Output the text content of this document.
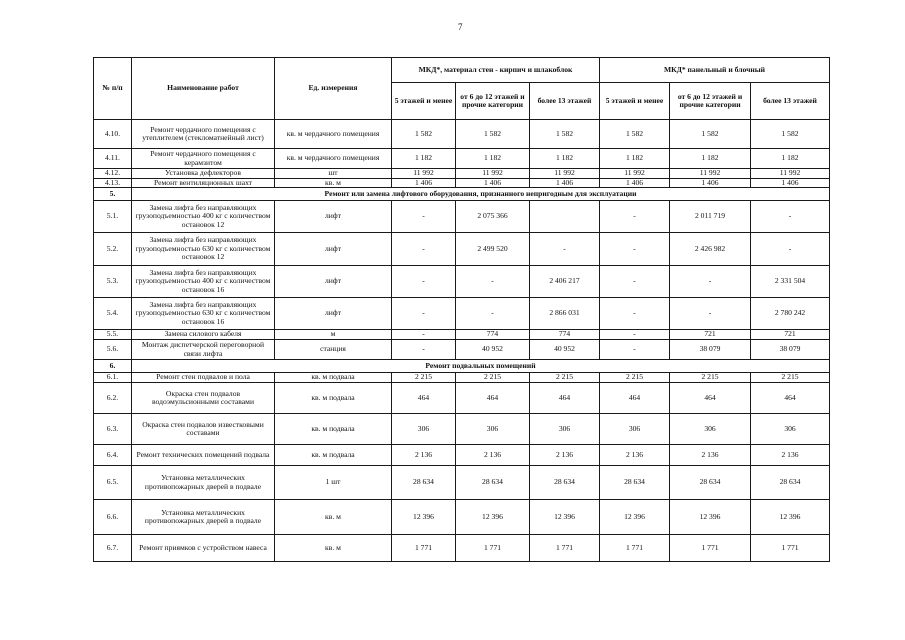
7
№ п/п	Наименование работ	Ед. измерения	МКД*, материал стен - кирпич и шлакоблок			МКД* панельный и блочный		
			5 этажей и менее	от 6 до 12 этажей и прочие категории	более 13 этажей	5 этажей и менее	от 6 до 12 этажей и прочие категории	более 13 этажей
4.10.	Ремонт чердачного помещения с утеплителем (стекломатнейный лист)	кв. м чердачного помещения	1 582	1 582	1 582	1 582	1 582	1 582
4.11.	Ремонт чердачного помещения с керамзитом	кв. м чердачного помещения	1 182	1 182	1 182	1 182	1 182	1 182
4.12.	Установка дефлекторов	шт	11 992	11 992	11 992	11 992	11 992	11 992
4.13.	Ремонт вентиляционных шахт	кв. м	1 406	1 406	1 406	1 406	1 406	1 406
5.	Ремонт или замена лифтового оборудования, признанного непригодным для эксплуатации							
5.1.	Замена лифта без направляющих грузоподъемностью 400 кг с количеством остановок 12	лифт	-	2 075 366		-	2 011 719	-
5.2.	Замена лифта без направляющих грузоподъемностью 630 кг с количеством остановок 12	лифт	-	2 499 520	-	-	2 426 982	-
5.3.	Замена лифта без направляющих грузоподъемностью 400 кг с количеством остановок 16	лифт	-	-	2 406 217	-	-	2 331 504
5.4.	Замена лифта без направляющих грузоподъемностью 630 кг с количеством остановок 16	лифт	-	-	2 866 031	-	-	2 780 242
5.5.	Замена силового кабеля	м	-	774	774	-	721	721
5.6.	Монтаж диспетчерской переговорной связи лифта	станция	-	40 952	40 952	-	38 079	38 079
6.	Ремонт подвальных помещений							
6.1.	Ремонт стен подвалов и пола	кв. м подвала	2 215	2 215	2 215	2 215	2 215	2 215
6.2.	Окраска стен подвалов водоэмульсионными составами	кв. м подвала	464	464	464	464	464	464
6.3.	Окраска стен подвалов известковыми составами	кв. м подвала	306	306	306	306	306	306
6.4.	Ремонт технических помещений подвала	кв. м подвала	2 136	2 136	2 136	2 136	2 136	2 136
6.5.	Установка металлических противопожарных дверей в подвале	1 шт	28 634	28 634	28 634	28 634	28 634	28 634
6.6.	Установка металлических противопожарных дверей в подвале	кв. м	12 396	12 396	12 396	12 396	12 396	12 396
6.7.	Ремонт приямков с устройством навеса	кв. м	1 771	1 771	1 771	1 771	1 771	1 771
